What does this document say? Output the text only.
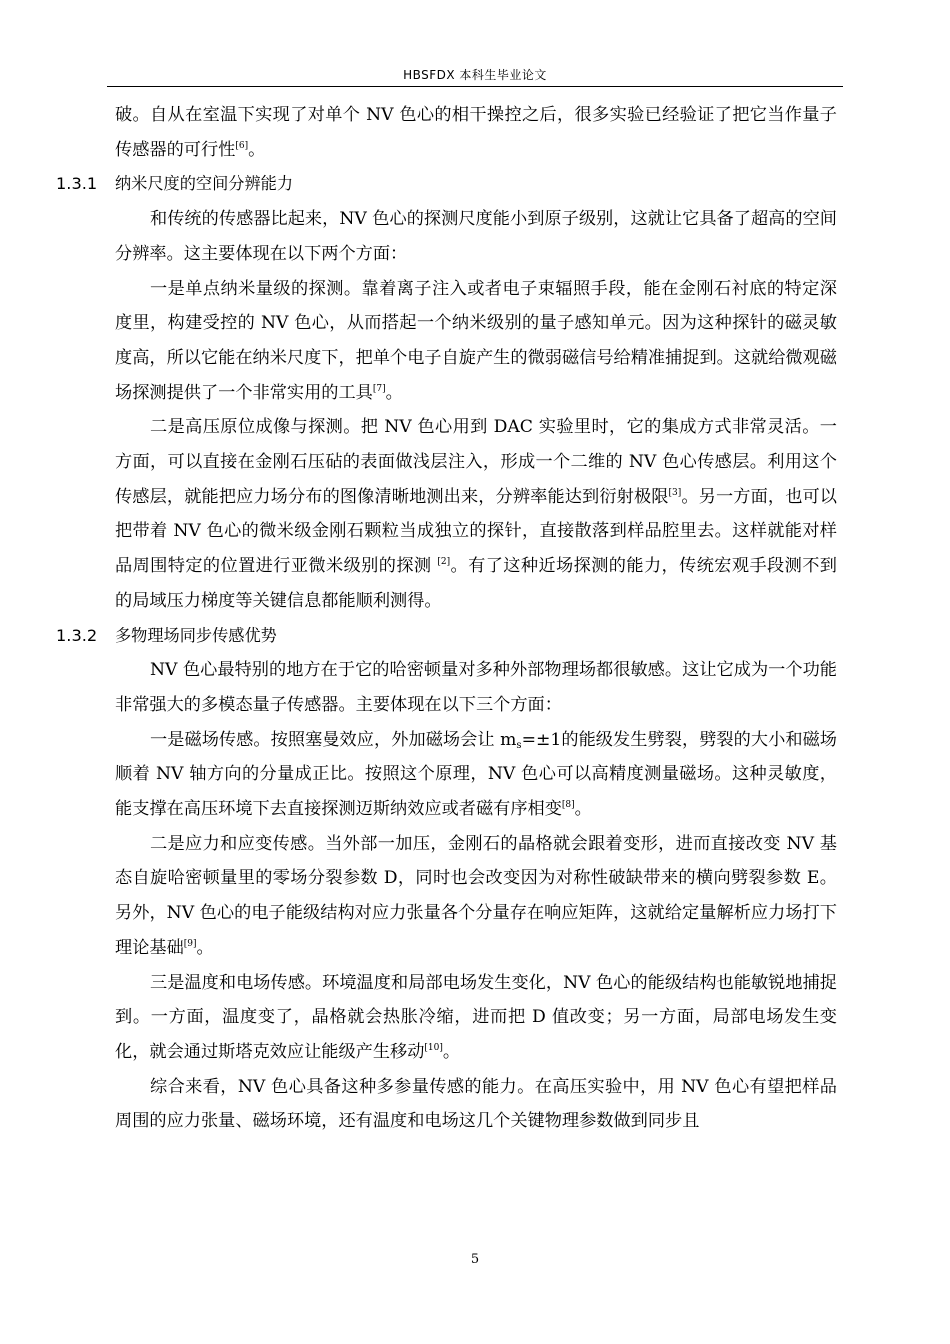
HBSFDX 本科生毕业论文

破。自从在室温下实现了对单个 NV 色心的相干操控之后，很多实验已经验证了把它当作量子传感器的可行性[6]。

1.3.1 纳米尺度的空间分辨能力

和传统的传感器比起来，NV 色心的探测尺度能小到原子级别，这就让它具备了超高的空间分辨率。这主要体现在以下两个方面：

一是单点纳米量级的探测。靠着离子注入或者电子束辐照手段，能在金刚石衬底的特定深度里，构建受控的 NV 色心，从而搭起一个纳米级别的量子感知单元。因为这种探针的磁灵敏度高，所以它能在纳米尺度下，把单个电子自旋产生的微弱磁信号给精准捕捉到。这就给微观磁场探测提供了一个非常实用的工具[7]。

二是高压原位成像与探测。把 NV 色心用到 DAC 实验里时，它的集成方式非常灵活。一方面，可以直接在金刚石压砧的表面做浅层注入，形成一个二维的 NV 色心传感层。利用这个传感层，就能把应力场分布的图像清晰地测出来，分辨率能达到衍射极限[3]。另一方面，也可以把带着 NV 色心的微米级金刚石颗粒当成独立的探针，直接散落到样品腔里去。这样就能对样品周围特定的位置进行亚微米级别的探测 [2]。有了这种近场探测的能力，传统宏观手段测不到的局域压力梯度等关键信息都能顺利测得。

1.3.2 多物理场同步传感优势

NV 色心最特别的地方在于它的哈密顿量对多种外部物理场都很敏感。这让它成为一个功能非常强大的多模态量子传感器。主要体现在以下三个方面：

一是磁场传感。按照塞曼效应，外加磁场会让 $m_s=\pm 1$的能级发生劈裂，劈裂的大小和磁场顺着 NV 轴方向的分量成正比。按照这个原理，NV 色心可以高精度测量磁场。这种灵敏度，能支撑在高压环境下去直接探测迈斯纳效应或者磁有序相变[8]。

二是应力和应变传感。当外部一加压，金刚石的晶格就会跟着变形，进而直接改变 NV 基态自旋哈密顿量里的零场分裂参数 D，同时也会改变因为对称性破缺带来的横向劈裂参数 E。另外，NV 色心的电子能级结构对应力张量各个分量存在响应矩阵，这就给定量解析应力场打下理论基础[9]。

三是温度和电场传感。环境温度和局部电场发生变化，NV 色心的能级结构也能敏锐地捕捉到。一方面，温度变了，晶格就会热胀冷缩，进而把 D 值改变；另一方面，局部电场发生变化，就会通过斯塔克效应让能级产生移动[10]。

综合来看，NV 色心具备这种多参量传感的能力。在高压实验中，用 NV 色心有望把样品周围的应力张量、磁场环境，还有温度和电场这几个关键物理参数做到同步且

5
